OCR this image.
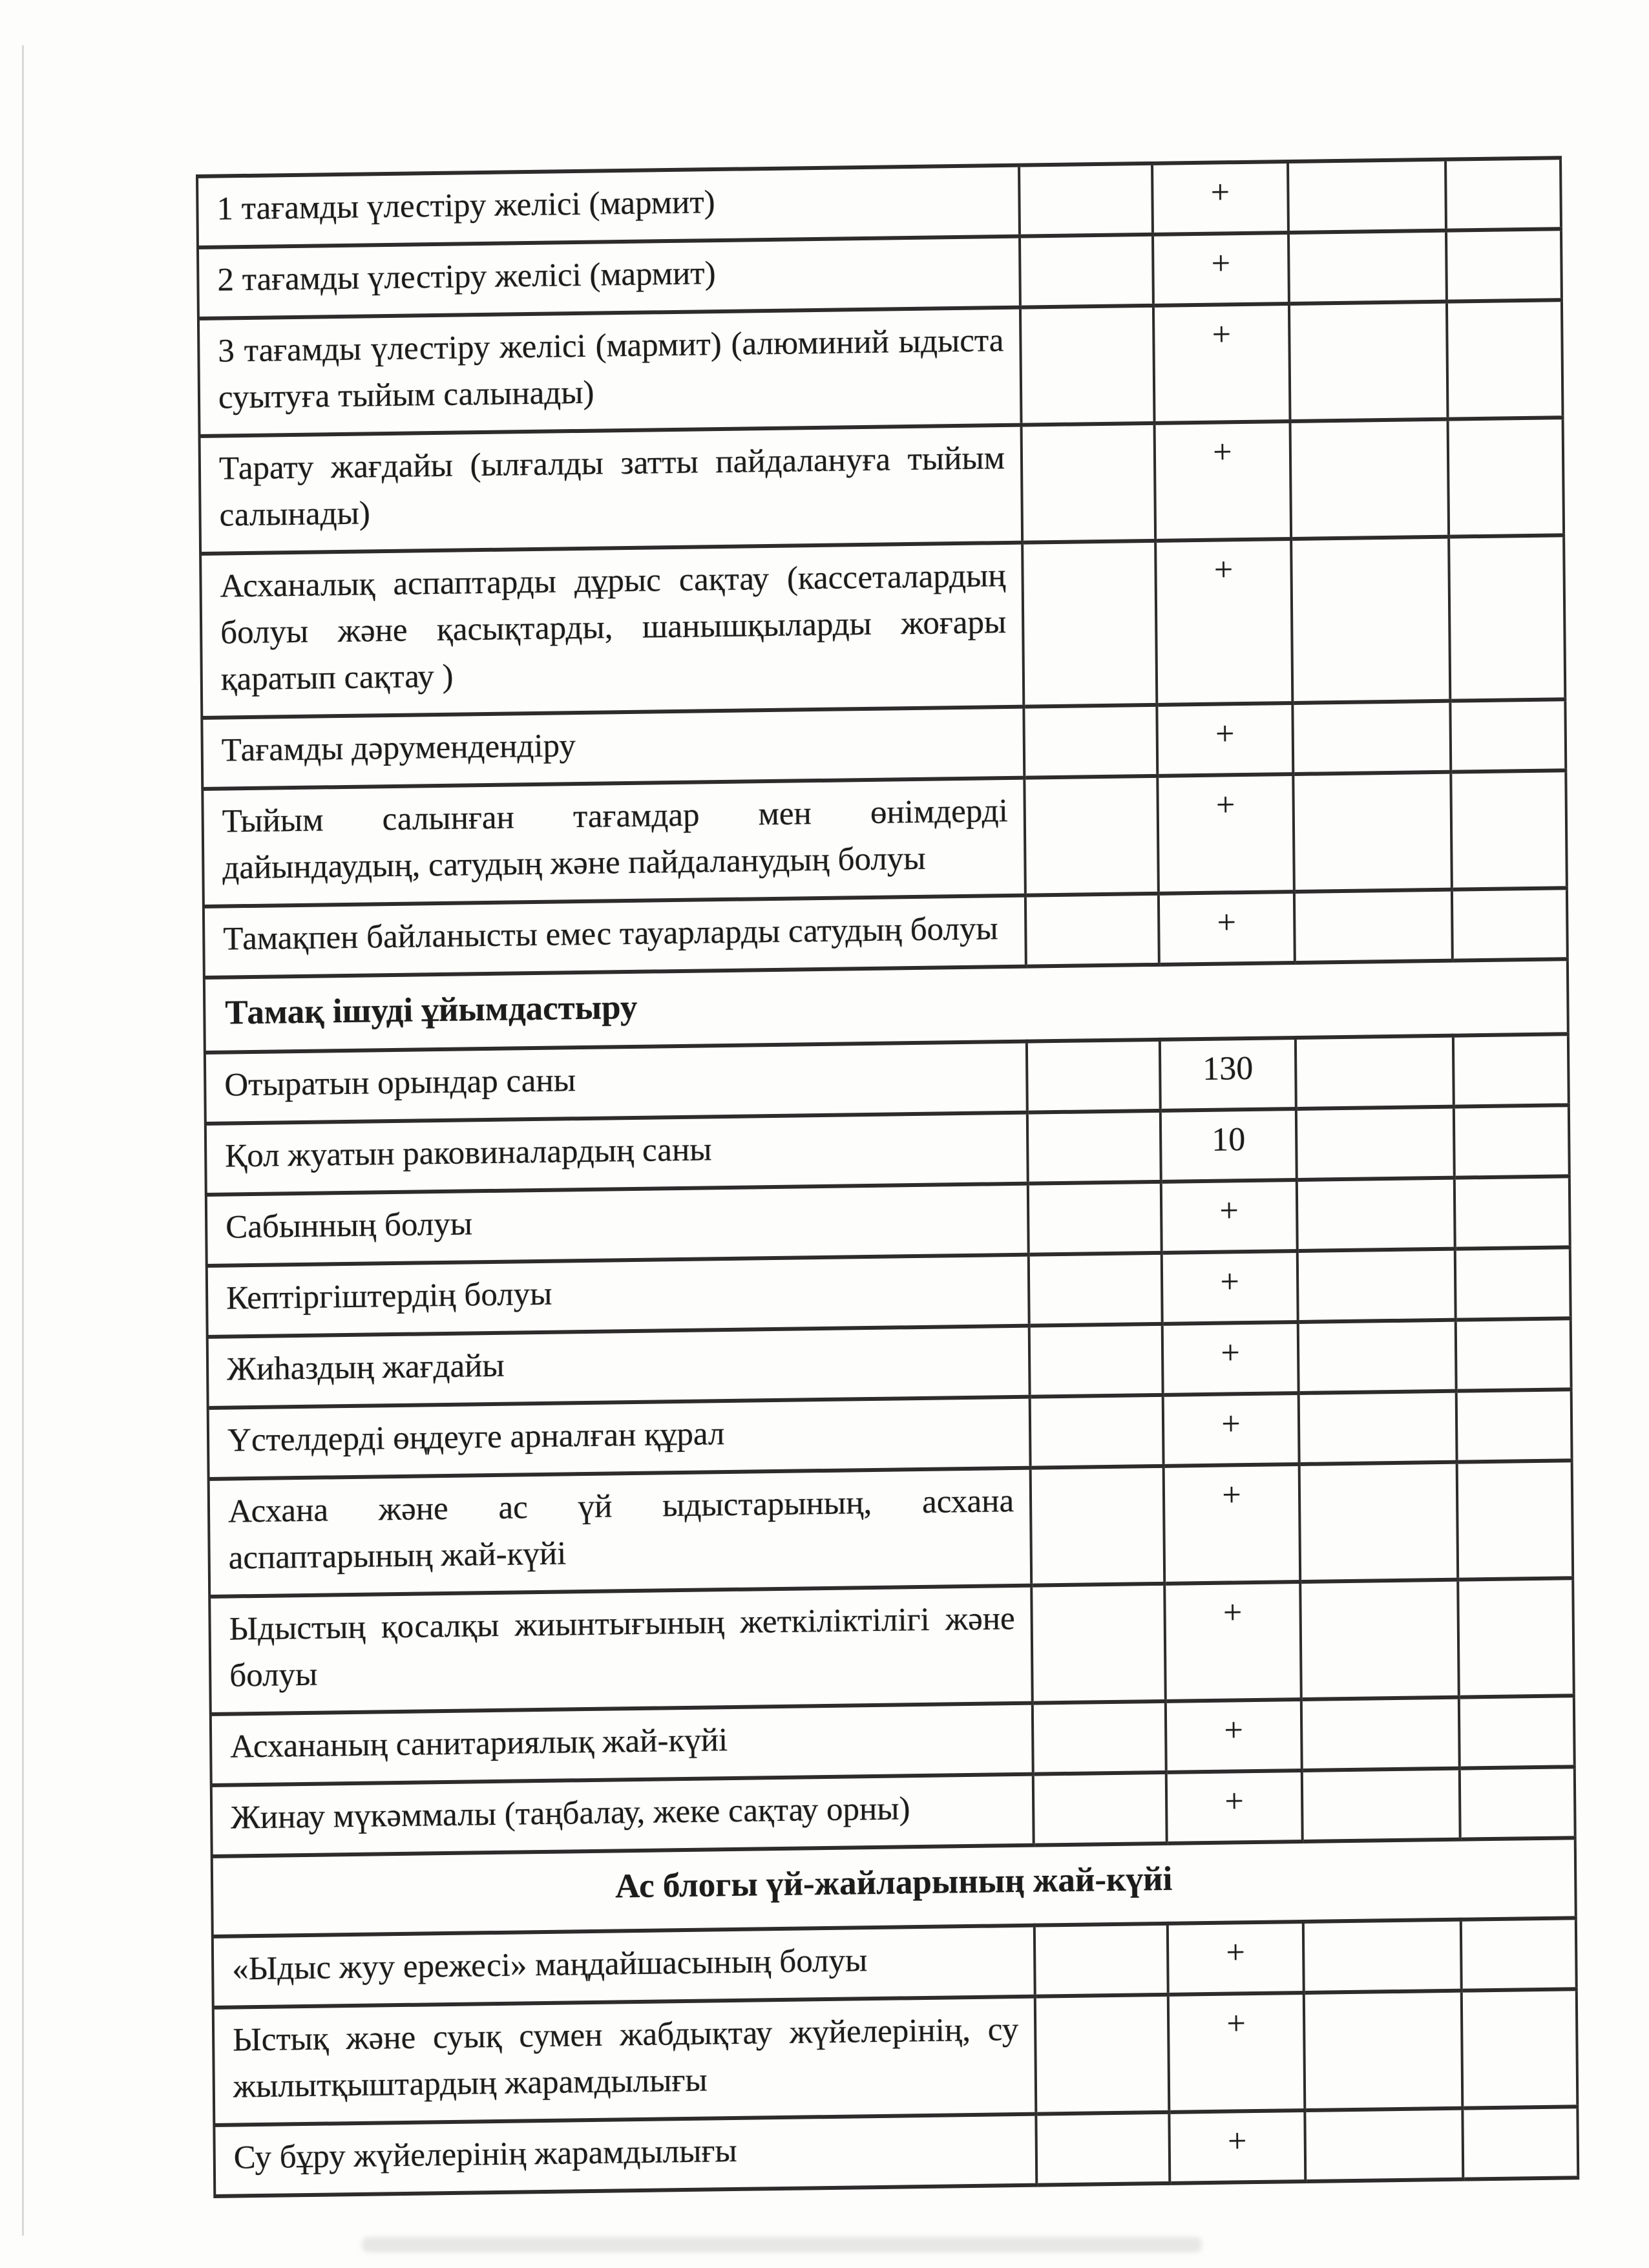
1 тағамды үлестіру желісі (мармит)		+		
2 тағамды үлестіру желісі (мармит)		+		
3 тағамды үлестіру желісі (мармит) (алюминий ыдыста суытуға тыйым салынады)		+		
Тарату жағдайы (ылғалды затты пайдалануға тыйым салынады)		+		
Асханалық аспаптарды дұрыс сақтау (кассеталардың болуы және қасықтарды, шанышқыларды жоғары қаратып сақтау )		+		
Тағамды дәрумендендіру		+		
Тыйым салынған тағамдар мен өнімдерді дайындаудың, сатудың және пайдаланудың болуы		+		
Тамақпен байланысты емес тауарларды сатудың болуы		+		
Тамақ ішуді ұйымдастыру				
Отыратын орындар саны		130		
Қол жуатын раковиналардың саны		10		
Сабынның болуы		+		
Кептіргіштердің болуы		+		
Жиһаздың жағдайы		+		
Үстелдерді өңдеуге арналған құрал		+		
Асхана және ас үй ыдыстарының, асхана аспаптарының жай-күйі		+		
Ыдыстың қосалқы жиынтығының жеткіліктілігі және болуы		+		
Асхананың санитариялық жай-күйі		+		
Жинау мүкәммалы (таңбалау, жеке сақтау орны)		+		
Ас блогы үй-жайларының жай-күйі				
«Ыдыс жуу ережесі» маңдайшасының болуы		+		
Ыстық және суық сумен жабдықтау жүйелерінің, су жылытқыштардың жарамдылығы		+		
Су бұру жүйелерінің жарамдылығы		+		
